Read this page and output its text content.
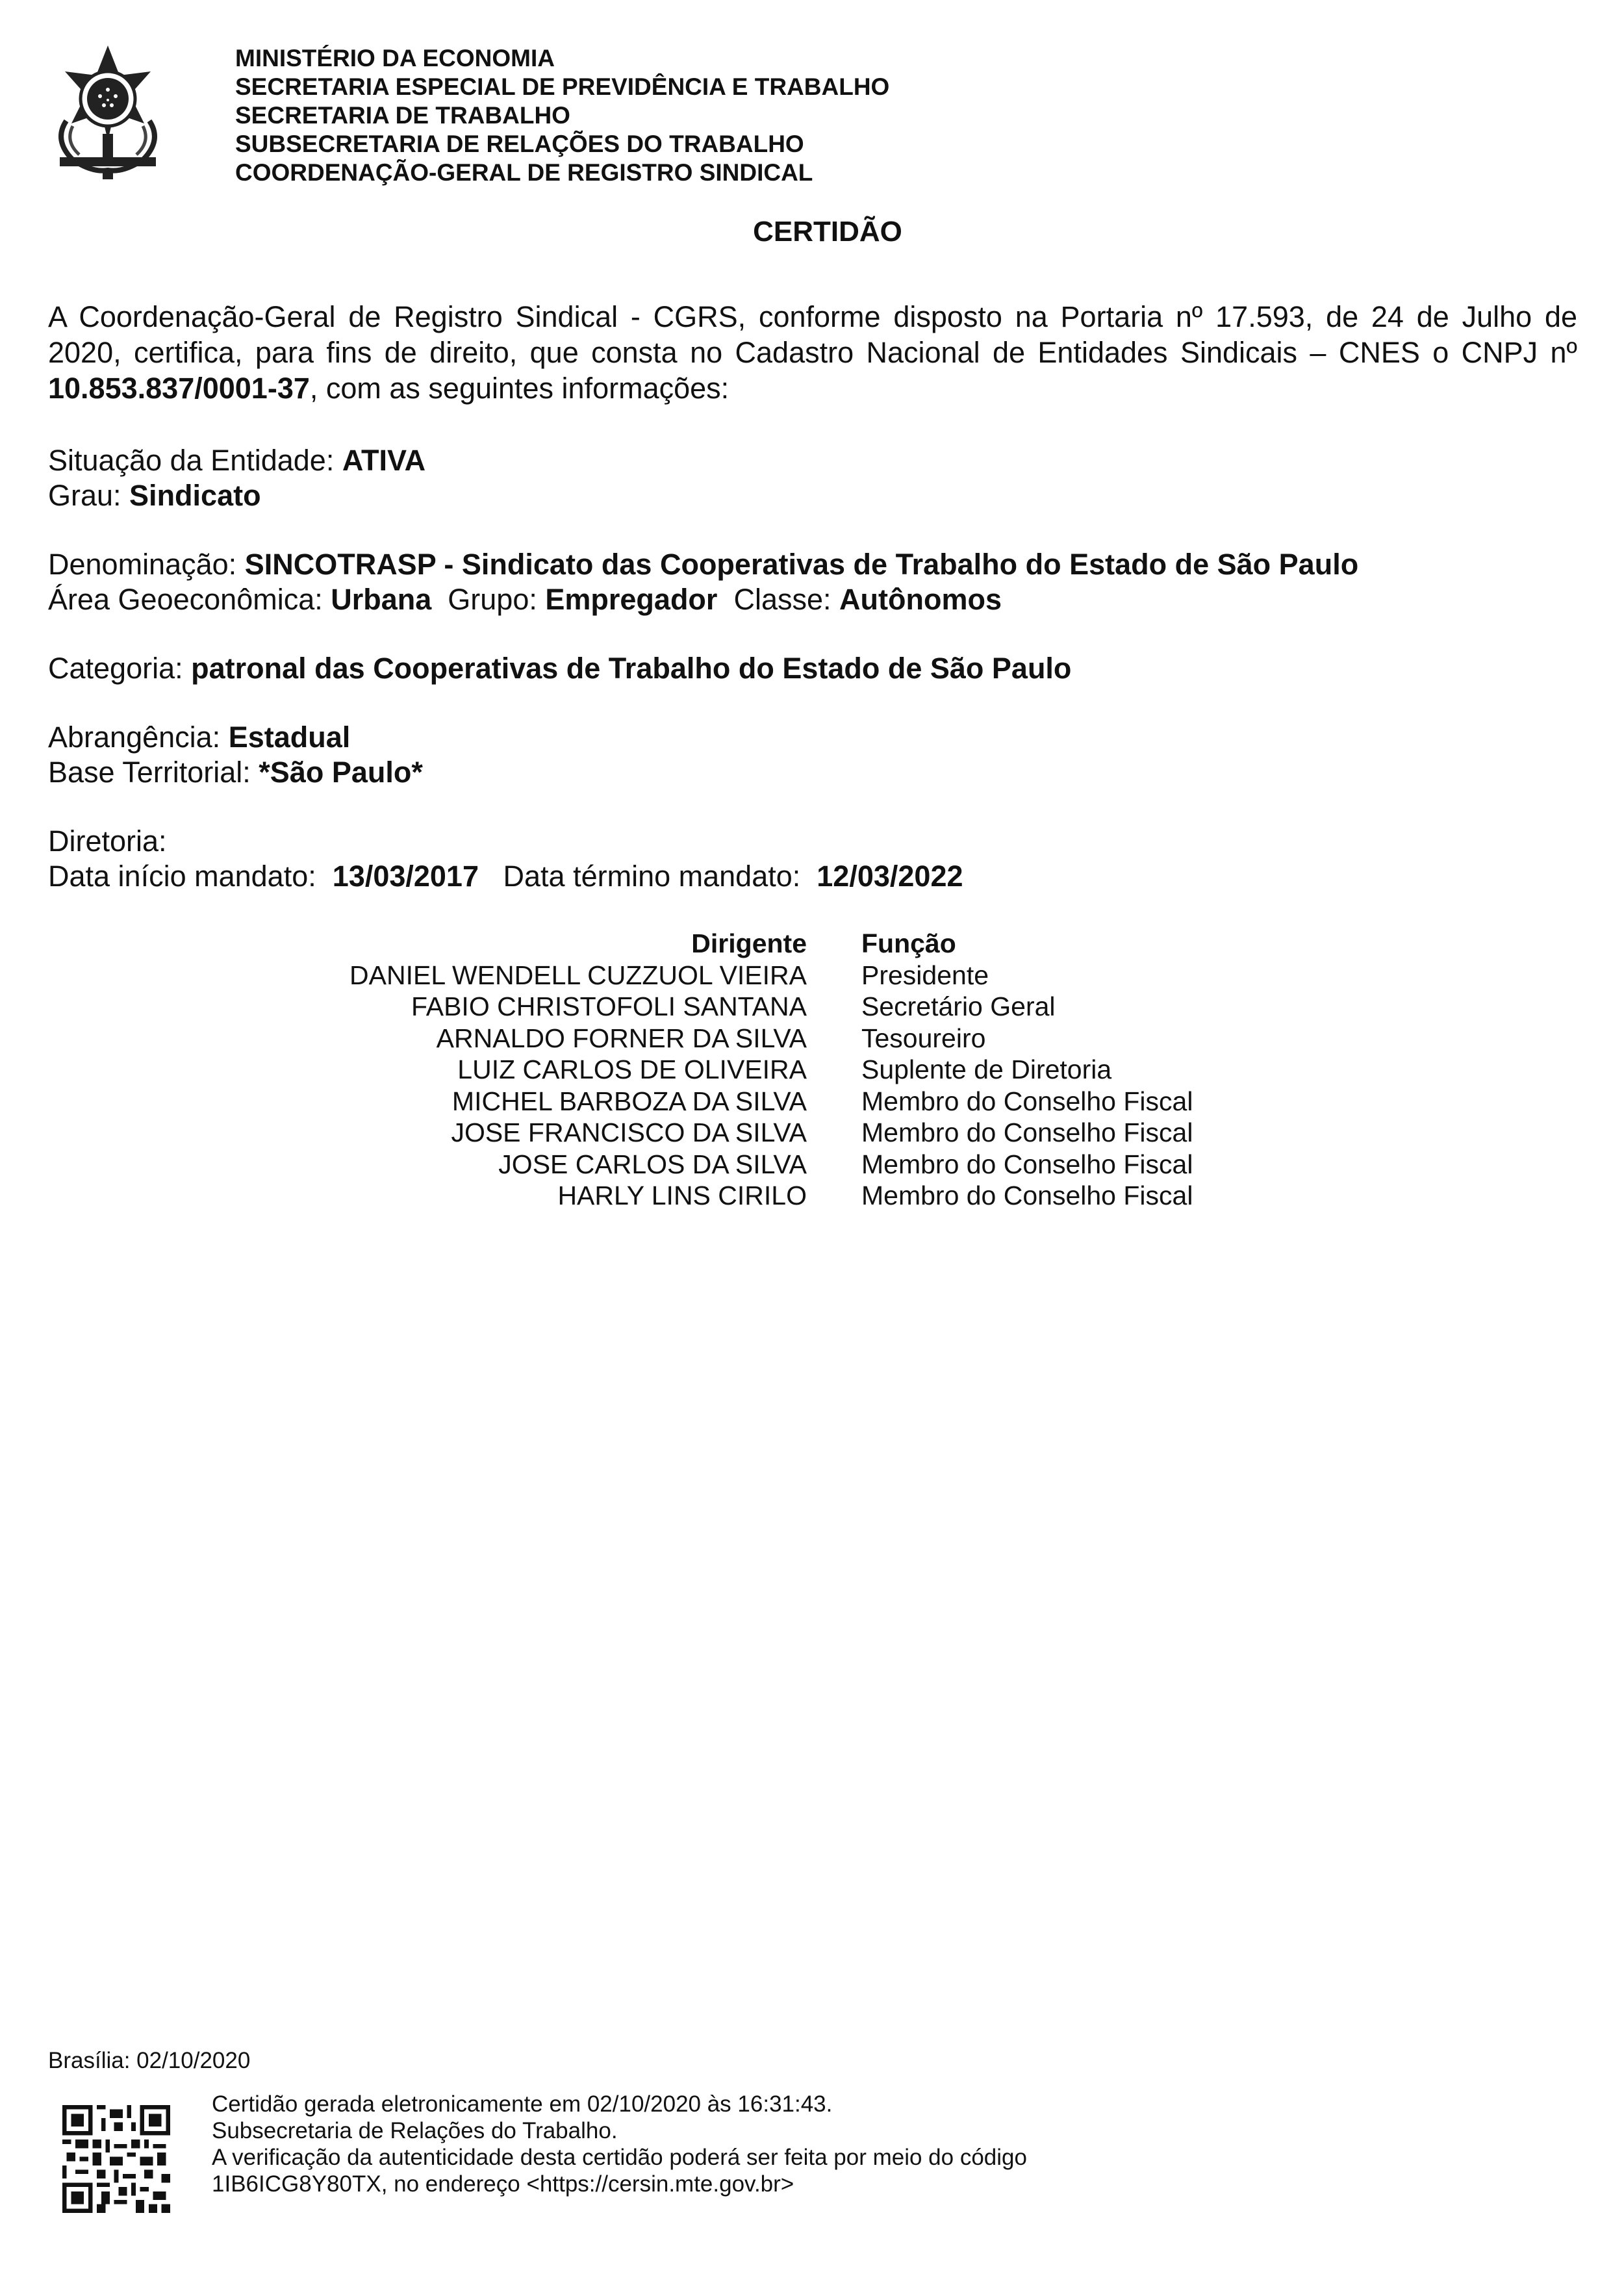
MINISTÉRIO DA ECONOMIA
SECRETARIA ESPECIAL DE PREVIDÊNCIA E TRABALHO
SECRETARIA DE TRABALHO
SUBSECRETARIA DE RELAÇÕES DO TRABALHO
COORDENAÇÃO-GERAL DE REGISTRO SINDICAL
CERTIDÃO
A Coordenação-Geral de Registro Sindical - CGRS, conforme disposto na Portaria nº 17.593, de 24 de Julho de 2020, certifica, para fins de direito, que consta no Cadastro Nacional de Entidades Sindicais – CNES o CNPJ nº 10.853.837/0001-37, com as seguintes informações:
Situação da Entidade: ATIVA
Grau: Sindicato
Denominação: SINCOTRASP - Sindicato das Cooperativas de Trabalho do Estado de São Paulo
Área Geoeconômica: Urbana Grupo: Empregador Classe: Autônomos
Categoria: patronal das Cooperativas de Trabalho do Estado de São Paulo
Abrangência: Estadual
Base Territorial: *São Paulo*
Diretoria:
Data início mandato:  13/03/2017 Data término mandato:  12/03/2022
Dirigente Função
DANIEL WENDELL CUZZUOL VIEIRA Presidente
FABIO CHRISTOFOLI SANTANA Secretário Geral
ARNALDO FORNER DA SILVA Tesoureiro
LUIZ CARLOS DE OLIVEIRA Suplente de Diretoria
MICHEL BARBOZA DA SILVA Membro do Conselho Fiscal
JOSE FRANCISCO DA SILVA Membro do Conselho Fiscal
JOSE CARLOS DA SILVA Membro do Conselho Fiscal
HARLY LINS CIRILO Membro do Conselho Fiscal
Brasília: 02/10/2020
Certidão gerada eletronicamente em 02/10/2020 às 16:31:43.
Subsecretaria de Relações do Trabalho.
A verificação da autenticidade desta certidão poderá ser feita por meio do código
1IB6ICG8Y80TX, no endereço <https://cersin.mte.gov.br>
